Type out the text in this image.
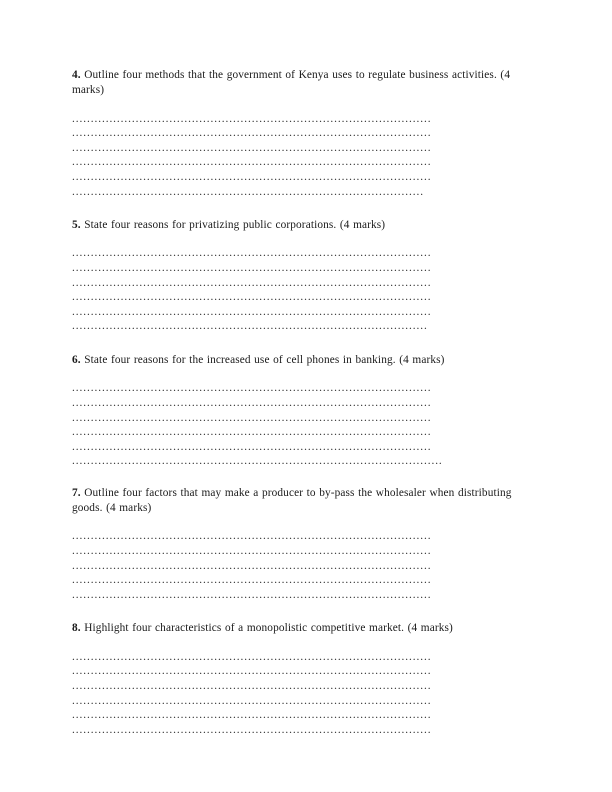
4. Outline four methods that the government of Kenya uses to regulate business activities. (4 marks)

................................................................................................
................................................................................................
................................................................................................
................................................................................................
................................................................................................
..............................................................................................

5. State four reasons for privatizing public corporations. (4 marks)

................................................................................................
................................................................................................
................................................................................................
................................................................................................
................................................................................................
...............................................................................................

6. State four reasons for the increased use of cell phones in banking. (4 marks)

................................................................................................
................................................................................................
................................................................................................
................................................................................................
................................................................................................
...................................................................................................

7. Outline four factors that may make a producer to by-pass the wholesaler when distributing goods. (4 marks)

................................................................................................
................................................................................................
................................................................................................
................................................................................................
................................................................................................

8. Highlight four characteristics of a monopolistic competitive market. (4 marks)

................................................................................................
................................................................................................
................................................................................................
................................................................................................
................................................................................................
................................................................................................
